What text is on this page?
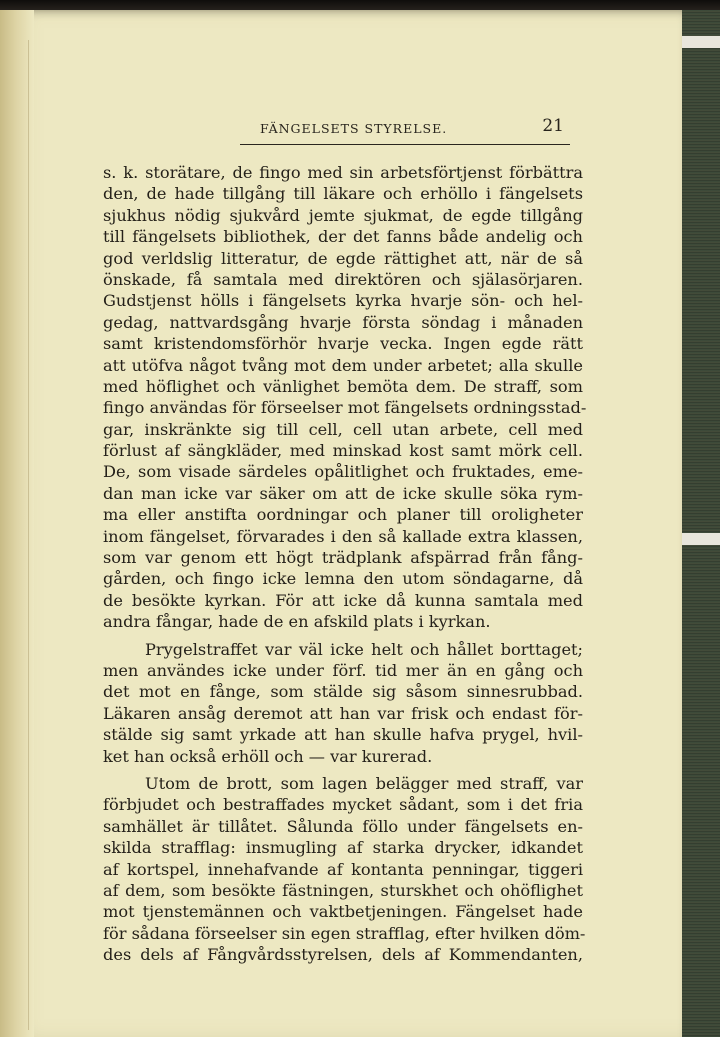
FÄNGELSETS STYRELSE.	21
s. k. storätare, de fingo med sin arbetsförtjenst förbättra
den, de hade tillgång till läkare och erhöllo i fängelsets
sjukhus nödig sjukvård jemte sjukmat, de egde tillgång
till fängelsets bibliothek, der det fanns både andelig och
god verldslig litteratur, de egde rättighet att, när de så
önskade, få samtala med direktören och själasörjaren.
Gudstjenst hölls i fängelsets kyrka hvarje sön- och hel-
gedag, nattvardsgång hvarje första söndag i månaden
samt kristendomsförhör hvarje vecka. Ingen egde rätt
att utöfva något tvång mot dem under arbetet; alla skulle
med höflighet och vänlighet bemöta dem. De straff, som
fingo användas för förseelser mot fängelsets ordningsstad-
gar, inskränkte sig till cell, cell utan arbete, cell med
förlust af sängkläder, med minskad kost samt mörk cell.
De, som visade särdeles opålitlighet och fruktades, eme-
dan man icke var säker om att de icke skulle söka rym-
ma eller anstifta oordningar och planer till oroligheter
inom fängelset, förvarades i den så kallade extra klassen,
som var genom ett högt trädplank afspärrad från fång-
gården, och fingo icke lemna den utom söndagarne, då
de besökte kyrkan. För att icke då kunna samtala med
andra fångar, hade de en afskild plats i kyrkan.
Prygelstraffet var väl icke helt och hållet borttaget;
men användes icke under förf. tid mer än en gång och
det mot en fånge, som stälde sig såsom sinnesrubbad.
Läkaren ansåg deremot att han var frisk och endast för-
stälde sig samt yrkade att han skulle hafva prygel, hvil-
ket han också erhöll och — var kurerad.
Utom de brott, som lagen belägger med straff, var
förbjudet och bestraffades mycket sådant, som i det fria
samhället är tillåtet. Sålunda föllo under fängelsets en-
skilda strafflag: insmugling af starka drycker, idkandet
af kortspel, innehafvande af kontanta penningar, tiggeri
af dem, som besökte fästningen, sturskhet och ohöflighet
mot tjenstemännen och vaktbetjeningen. Fängelset hade
för sådana förseelser sin egen strafflag, efter hvilken döm-
des dels af Fångvårdsstyrelsen, dels af Kommendanten,
